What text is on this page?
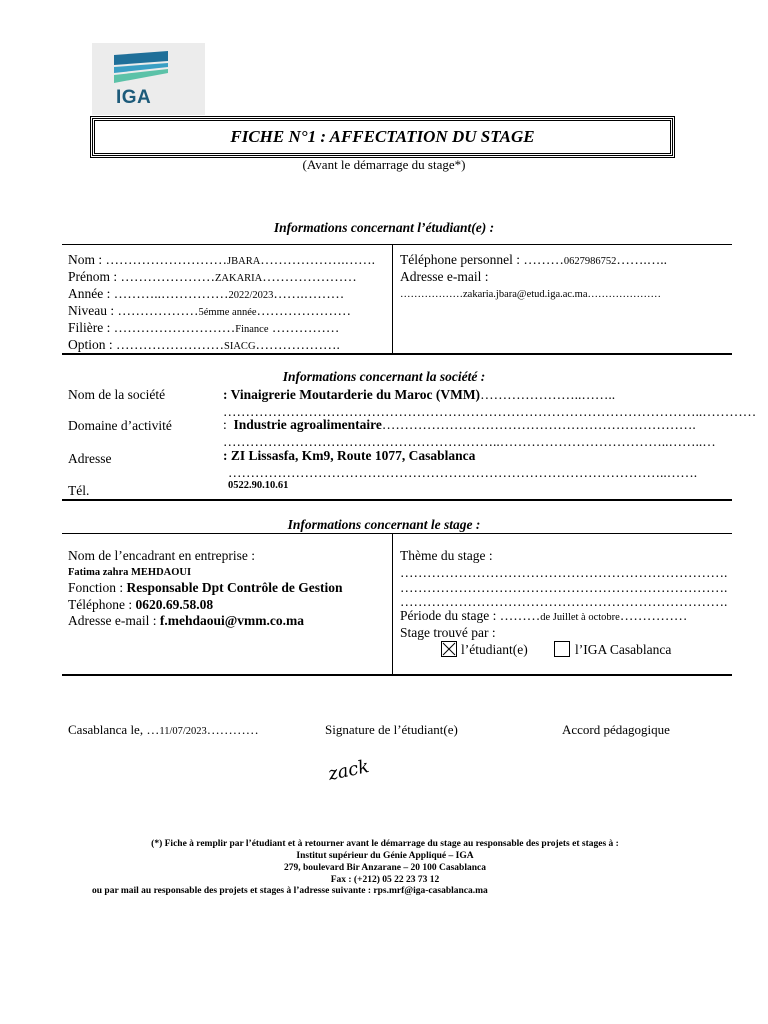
IGA
FICHE N°1 : AFFECTATION DU STAGE
(Avant le démarrage du stage*)
Informations concernant l’étudiant(e) :
Nom : ………………………JBARA……………….…….
Prénom : …………………ZAKARIA…………………
Année : ………..……………2022/2023…….………
Niveau : ………………5émme année…………………
Filière : ………………………Finance ……………
Option : ……………………SIACG……………….
Téléphone personnel : ………0627986752…….…..
Adresse e-mail :
………………zakaria.jbara@etud.iga.ac.ma…………………
Informations concernant la société :
Nom de la société	: Vinaigrerie Moutarderie du Maroc (VMM)…………………..……..
……………………………………………………………………………………………..…………
Domaine d’activité	: Industrie agroalimentaire…………………………………………………………….
……………………………………………………..………………………………..……..…
Adresse	: ZI Lissasfa, Km9, Route 1077, Casablanca
……………………………………………………………………………………..…….
Tél.	0522.90.10.61
Informations concernant le stage :
Nom de l’encadrant en entreprise :
Fatima zahra MEHDAOUI
Fonction : Responsable Dpt Contrôle de Gestion
Téléphone : 0620.69.58.08
Adresse e-mail : f.mehdaoui@vmm.co.ma
Thème du stage :
……………………………………………………………….
……………………………………………………………….
……………………………………………………………….
Période du stage : ………de Juillet à octobre……………
Stage trouvé par :
l’étudiant(e)	l’IGA Casablanca
Casablanca le, …11/07/2023…………	Signature de l’étudiant(e)	Accord pédagogique
zack
(*) Fiche à remplir par l’étudiant et à retourner avant le démarrage du stage au responsable des projets et stages à :
Institut supérieur du Génie Appliqué – IGA
279, boulevard Bir Anzarane – 20 100 Casablanca
Fax : (+212) 05 22 23 73 12
ou par mail au responsable des projets et stages à l’adresse suivante : rps.mrf@iga-casablanca.ma
